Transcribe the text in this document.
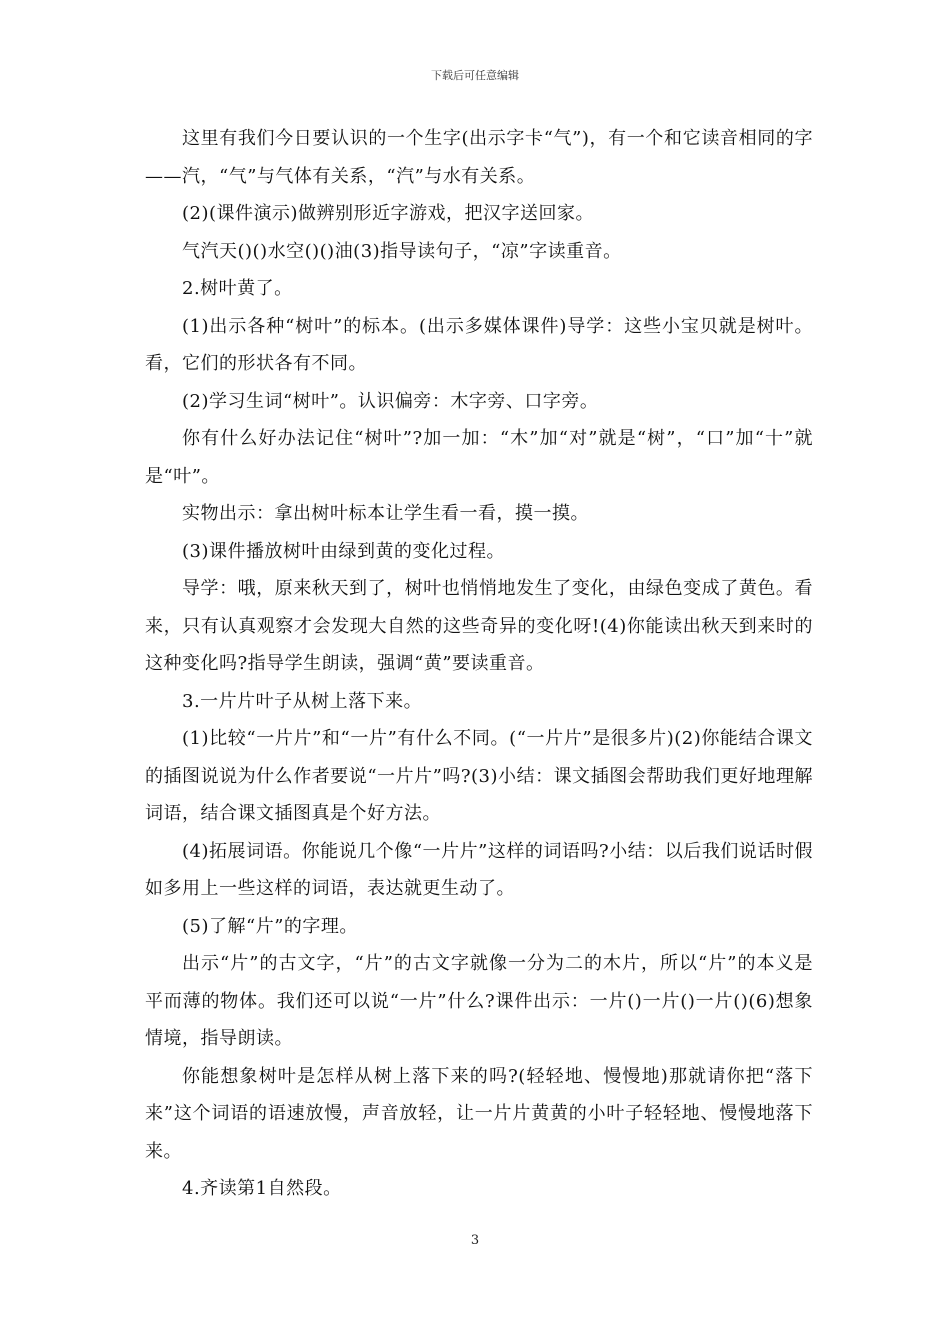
下载后可任意编辑

这里有我们今日要认识的一个生字(出示字卡“气”)，有一个和它读音相同的字——汽，“气”与气体有关系，“汽”与水有关系。

(2)(课件演示)做辨别形近字游戏，把汉字送回家。

气汽天()()水空()()油(3)指导读句子，“凉”字读重音。

2.树叶黄了。

(1)出示各种“树叶”的标本。(出示多媒体课件)导学：这些小宝贝就是树叶。看，它们的形状各有不同。

(2)学习生词“树叶”。认识偏旁：木字旁、口字旁。

你有什么好办法记住“树叶”?加一加：“木”加“对”就是“树”，“口”加“十”就是“叶”。

实物出示：拿出树叶标本让学生看一看，摸一摸。

(3)课件播放树叶由绿到黄的变化过程。

导学：哦，原来秋天到了，树叶也悄悄地发生了变化，由绿色变成了黄色。看来，只有认真观察才会发现大自然的这些奇异的变化呀!(4)你能读出秋天到来时的这种变化吗?指导学生朗读，强调“黄”要读重音。

3.一片片叶子从树上落下来。

(1)比较“一片片”和“一片”有什么不同。(“一片片”是很多片)(2)你能结合课文的插图说说为什么作者要说“一片片”吗?(3)小结：课文插图会帮助我们更好地理解词语，结合课文插图真是个好方法。

(4)拓展词语。你能说几个像“一片片”这样的词语吗?小结：以后我们说话时假如多用上一些这样的词语，表达就更生动了。

(5)了解“片”的字理。

出示“片”的古文字，“片”的古文字就像一分为二的木片，所以“片”的本义是平而薄的物体。我们还可以说“一片”什么?课件出示：一片()一片()一片()(6)想象情境，指导朗读。

你能想象树叶是怎样从树上落下来的吗?(轻轻地、慢慢地)那就请你把“落下来”这个词语的语速放慢，声音放轻，让一片片黄黄的小叶子轻轻地、慢慢地落下来。

4.齐读第1自然段。

3
